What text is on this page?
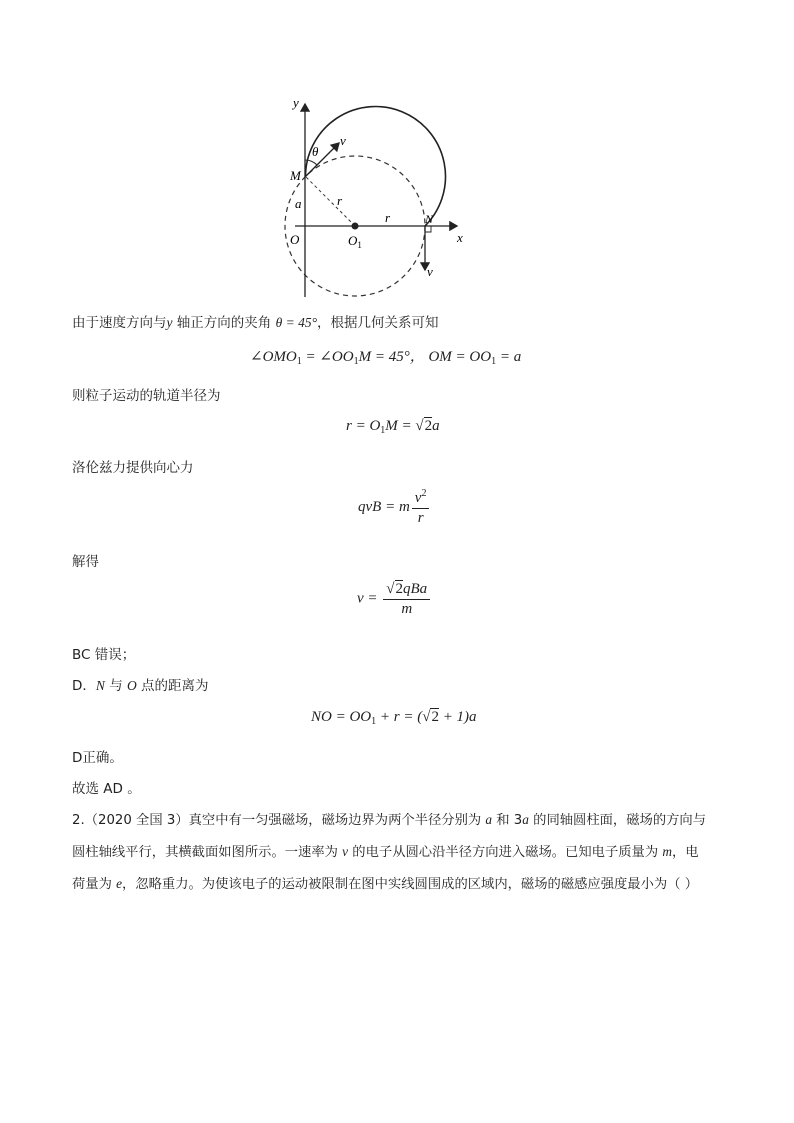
y
x
M
N
O	$O_1$
a	r
r
θ
v
v
由于速度方向与y 轴正方向的夹角 θ = 45°，根据几何关系可知
$\angle OMO_1$ = $\angle OO_1M = 45^\circ$， OM = $OO_1 = a$
则粒子运动的轨道半径为
$r = O_1M = √2a$
洛伦兹力提供向心力
qvB = m $\frac{v^2}{r}$
解得
$v = \frac{\text{√2qBa}}{m}$
BC 错误；
D．N 与 O 点的距离为
NO = $OO_1 + r = (√2 + 1)a$
D正确。
故选 AD 。
2.（2020 全国 3）真空中有一匀强磁场，磁场边界为两个半径分别为 a 和 3a 的同轴圆柱面，磁场的方向与
圆柱轴线平行，其横截面如图所示。一速率为 v 的电子从圆心沿半径方向进入磁场。已知电子质量为 m，电
荷量为 e，忽略重力。为使该电子的运动被限制在图中实线圆围成的区域内，磁场的磁感应强度最小为（ ）
